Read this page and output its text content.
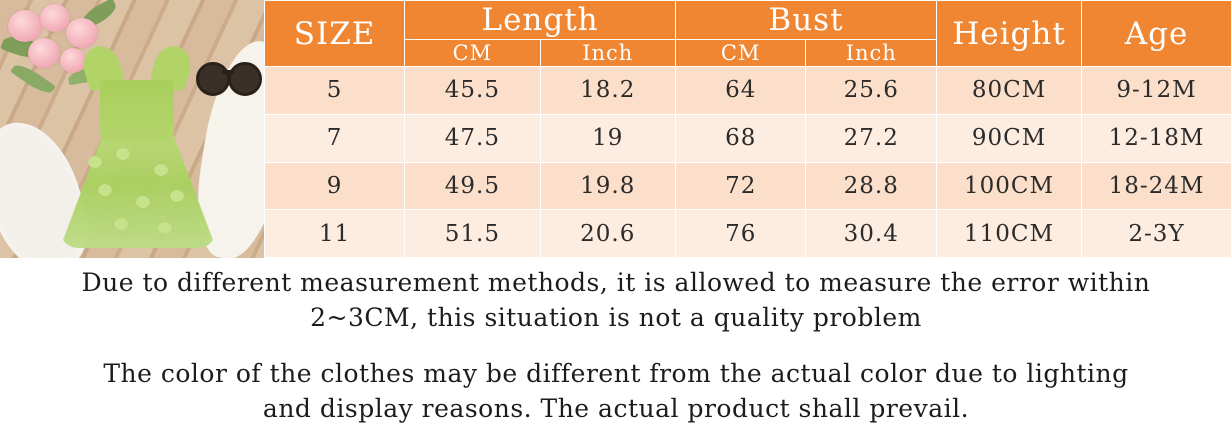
SIZE	Length		Bust		Height	Age
	CM	Inch	CM	Inch		
5	45.5	18.2	64	25.6	80CM	9-12M
7	47.5	19	68	27.2	90CM	12-18M
9	49.5	19.8	72	28.8	100CM	18-24M
11	51.5	20.6	76	30.4	110CM	2-3Y
Due to different measurement methods, it is allowed to measure the error within
2~3CM, this situation is not a quality problem
The color of the clothes may be different from the actual color due to lighting
and display reasons. The actual product shall prevail.
